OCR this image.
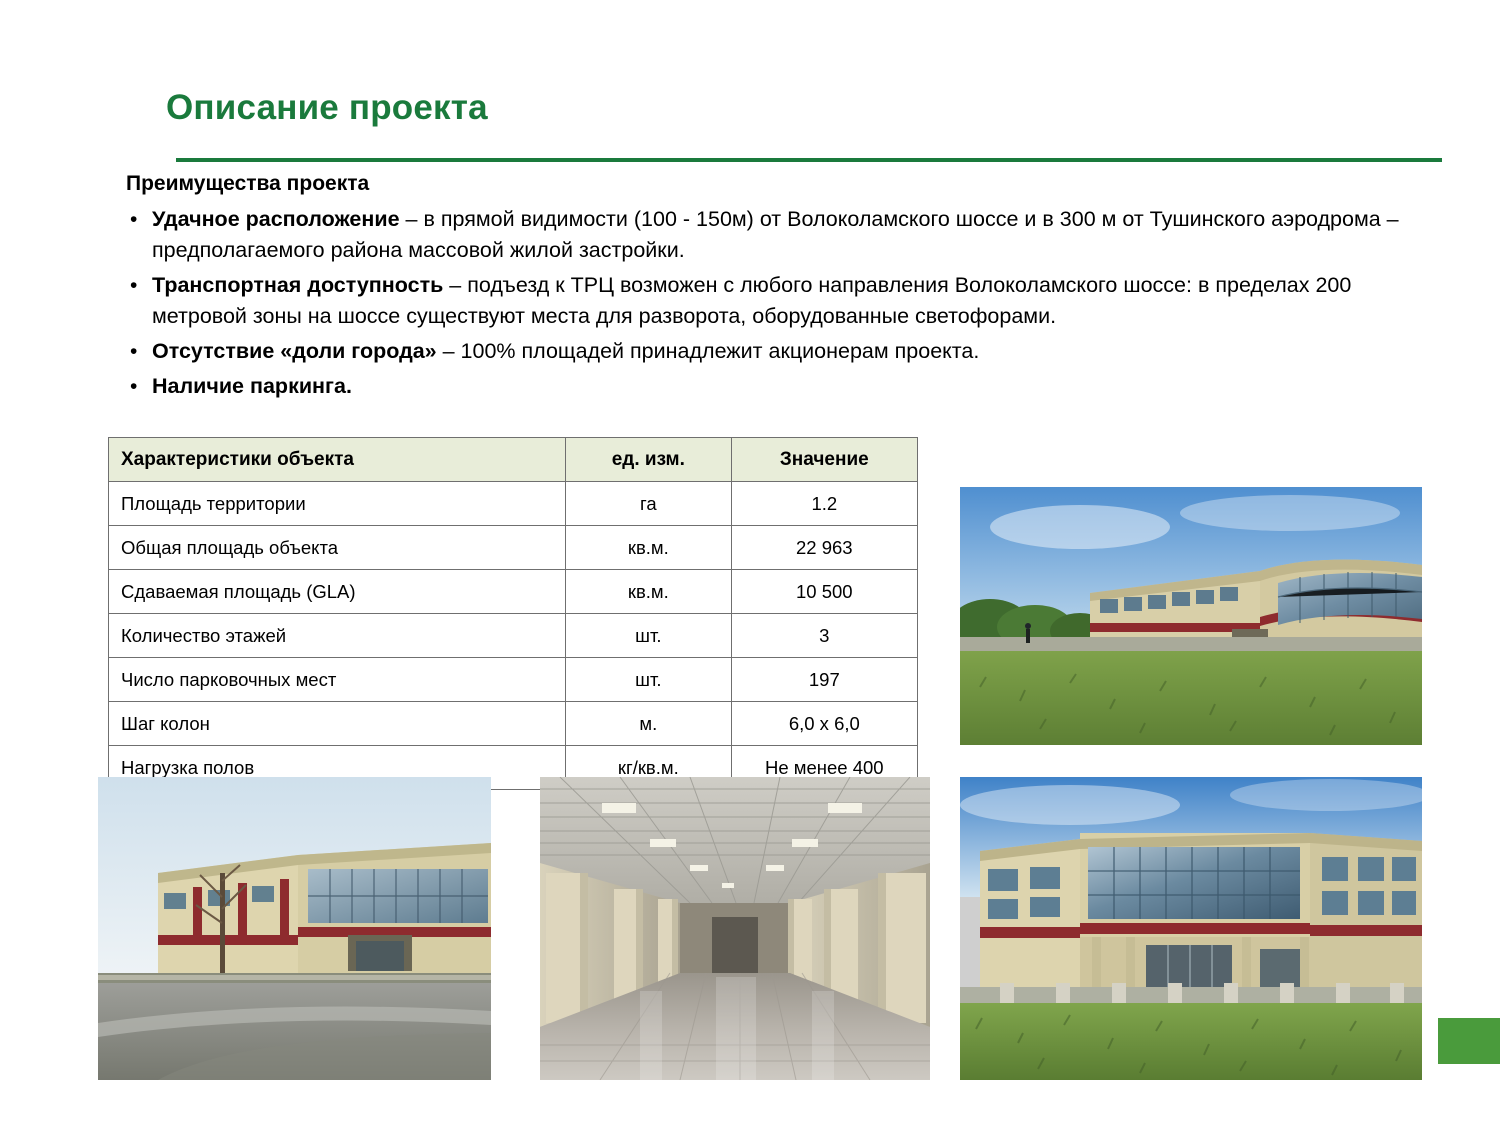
Описание проекта
Преимущества проекта
• Удачное расположение – в прямой видимости (100 - 150м) от Волоколамского шоссе и в 300 м от Тушинского аэродрома – предполагаемого района массовой жилой застройки.
• Транспортная доступность – подъезд к ТРЦ возможен с любого направления Волоколамского шоссе: в пределах 200 метровой зоны на шоссе существуют места для разворота, оборудованные светофорами.
• Отсутствие «доли города» – 100% площадей принадлежит акционерам проекта.
• Наличие паркинга.
Характеристики объекта	ед. изм.	Значение
Площадь территории	га	1.2
Общая площадь объекта	кв.м.	22 963
Сдаваемая площадь (GLA)	кв.м.	10 500
Количество этажей	шт.	3
Число парковочных мест	шт.	197
Шаг колон	м.	6,0 х 6,0
Нагрузка полов	кг/кв.м.	Не менее 400
